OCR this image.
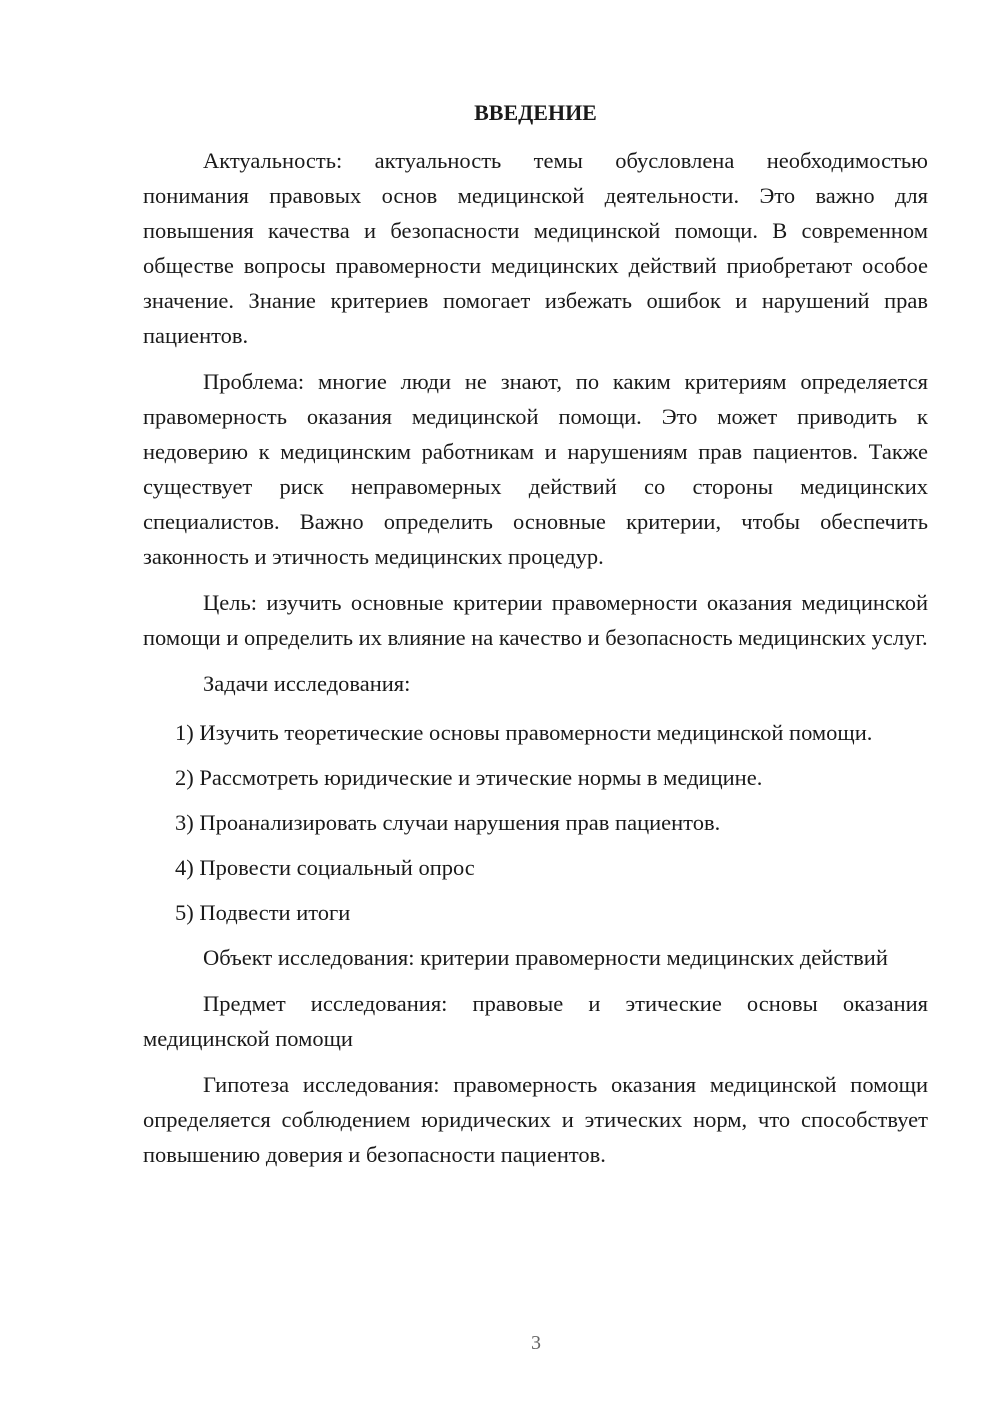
ВВЕДЕНИЕ

Актуальность: актуальность темы обусловлена необходимостью понимания правовых основ медицинской деятельности. Это важно для повышения качества и безопасности медицинской помощи. В современном обществе вопросы правомерности медицинских действий приобретают особое значение. Знание критериев помогает избежать ошибок и нарушений прав пациентов.

Проблема: многие люди не знают, по каким критериям определяется правомерность оказания медицинской помощи. Это может приводить к недоверию к медицинским работникам и нарушениям прав пациентов. Также существует риск неправомерных действий со стороны медицинских специалистов. Важно определить основные критерии, чтобы обеспечить законность и этичность медицинских процедур.

Цель: изучить основные критерии правомерности оказания медицинской помощи и определить их влияние на качество и безопасность медицинских услуг.

Задачи исследования:

1) Изучить теоретические основы правомерности медицинской помощи.

2) Рассмотреть юридические и этические нормы в медицине.

3) Проанализировать случаи нарушения прав пациентов.

4) Провести социальный опрос

5) Подвести итоги

Объект исследования: критерии правомерности медицинских действий

Предмет исследования: правовые и этические основы оказания медицинской помощи

Гипотеза исследования: правомерность оказания медицинской помощи определяется соблюдением юридических и этических норм, что способствует повышению доверия и безопасности пациентов.

3
